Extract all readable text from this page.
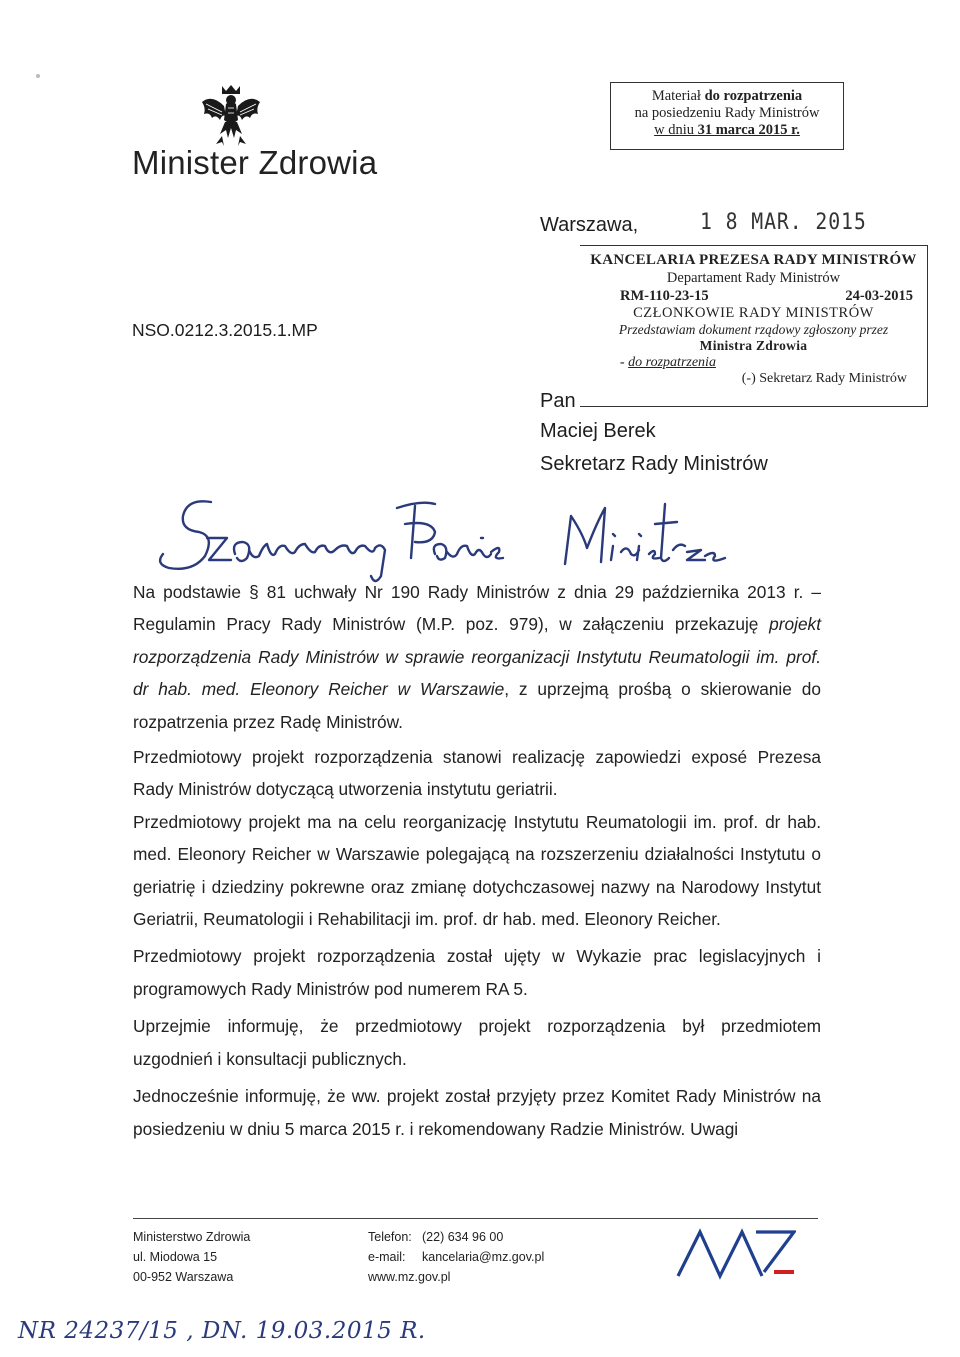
Minister Zdrowia
Materiał do rozpatrzenia
na posiedzeniu Rady Ministrów
w dniu 31 marca 2015 r.
Warszawa,	1 8 MAR. 2015
NSO.0212.3.2015.1.MP
KANCELARIA PREZESA RADY MINISTRÓW
Departament Rady Ministrów
RM-110-23-15	24-03-2015
CZŁONKOWIE RADY MINISTRÓW
Przedstawiam dokument rządowy zgłoszony przez
Ministra Zdrowia
- do rozpatrzenia
(-) Sekretarz Rady Ministrów
Pan
Maciej Berek
Sekretarz Rady Ministrów

Na podstawie § 81 uchwały Nr 190 Rady Ministrów z dnia 29 października 2013 r. – Regulamin Pracy Rady Ministrów (M.P. poz. 979), w załączeniu przekazuję projekt rozporządzenia Rady Ministrów w sprawie reorganizacji Instytutu Reumatologii im. prof. dr hab. med. Eleonory Reicher w Warszawie, z uprzejmą prośbą o skierowanie do rozpatrzenia przez Radę Ministrów.

Przedmiotowy projekt rozporządzenia stanowi realizację zapowiedzi exposé Prezesa Rady Ministrów dotyczącą utworzenia instytutu geriatrii.

Przedmiotowy projekt ma na celu reorganizację Instytutu Reumatologii im. prof. dr hab. med. Eleonory Reicher w Warszawie polegającą na rozszerzeniu działalności Instytutu o geriatrię i dziedziny pokrewne oraz zmianę dotychczasowej nazwy na Narodowy Instytut Geriatrii, Reumatologii i Rehabilitacji im. prof. dr hab. med. Eleonory Reicher.

Przedmiotowy projekt rozporządzenia został ujęty w Wykazie prac legislacyjnych i programowych Rady Ministrów pod numerem RA 5.

Uprzejmie informuję, że przedmiotowy projekt rozporządzenia był przedmiotem uzgodnień i konsultacji publicznych.

Jednocześnie informuję, że ww. projekt został przyjęty przez Komitet Rady Ministrów na posiedzeniu w dniu 5 marca 2015 r. i rekomendowany Radzie Ministrów. Uwagi

Ministerstwo Zdrowia
ul. Miodowa 15
00-952 Warszawa
Telefon:
e-mail:
www.mz.gov.pl
(22) 634 96 00
kancelaria@mz.gov.pl
NR 24237/15 , DN. 19.03.2015 R.
